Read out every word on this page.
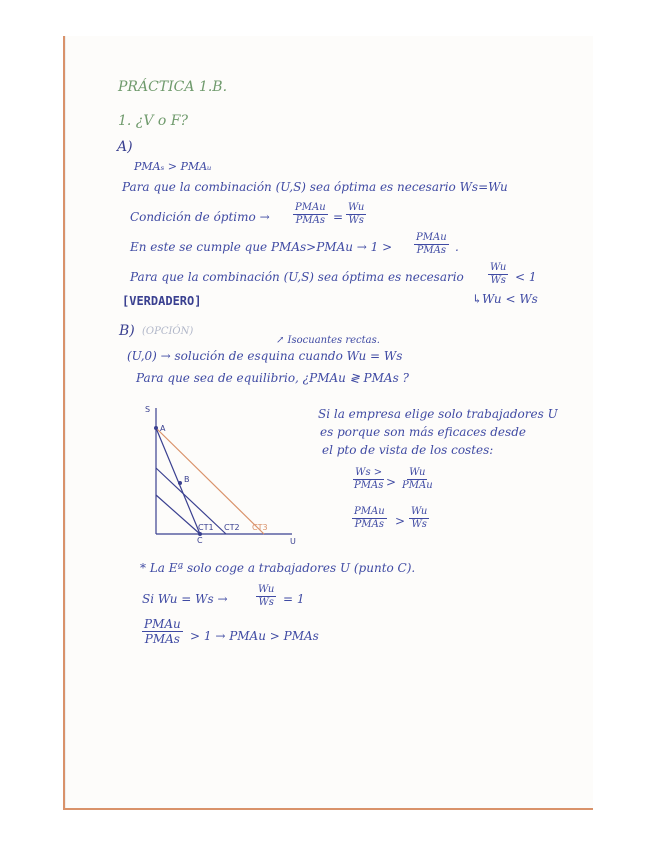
PRÁCTICA 1.B.
1. ¿V o F?
A)
PMAₛ > PMAᵤ
Para que la combinación (U,S) sea óptima es necesario Ws=Wu
Condición de óptimo →
PMAu
PMAs = $\frac{Wu}{Ws}$
En este se cumple que PMAs>PMAu → 1 >
PMAu
PMAs .
Para que la combinación (U,S) sea óptima es necesario $\frac{Wu}{Ws} < 1$
↳Wu < Ws
[VERDADERO]
B) (OPCIÓN)
↗ Isocuantes rectas.
(U,0) → solución de esquina cuando Wu = Ws
Para que sea de equilibrio, ¿PMAu ≷ PMAs ?
S
U
A
B
C
CT1 CT2 CT3
Si la empresa elige solo trabajadores U
es porque son más eficaces desde
el pto de vista de los costes:
Ws >
PMAs >
Wu
PMAu
PMAu
PMAs > $\frac{Wu}{Ws}$
* La Eª solo coge a trabajadores U (punto C).
Si Wu = Ws →	$\frac{Wu}{Ws} = 1$
PMAu
PMAs > 1 → PMAu > PMAs
